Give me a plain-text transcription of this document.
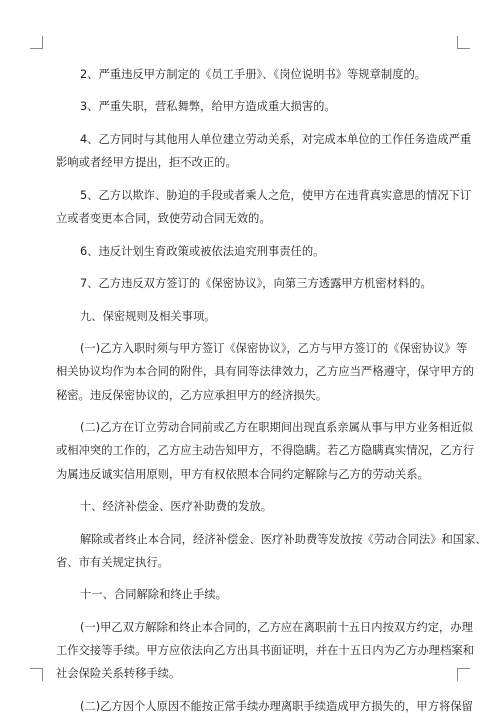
2、严重违反甲方制定的《员工手册》、《岗位说明书》等规章制度的。
3、严重失职，营私舞弊，给甲方造成重大损害的。
4、乙方同时与其他用人单位建立劳动关系，对完成本单位的工作任务造成严重
影响或者经甲方提出，拒不改正的。
5、乙方以欺诈、胁迫的手段或者乘人之危，使甲方在违背真实意思的情况下订
立或者变更本合同，致使劳动合同无效的。
6、违反计划生育政策或被依法追究刑事责任的。
7、乙方违反双方签订的《保密协议》，向第三方透露甲方机密材料的。
九、保密规则及相关事项。
(一)乙方入职时须与甲方签订《保密协议》，乙方与甲方签订的《保密协议》等
相关协议均作为本合同的附件，具有同等法律效力，乙方应当严格遵守，保守甲方的
秘密。违反保密协议的，乙方应承担甲方的经济损失。
(二)乙方在订立劳动合同前或乙方在职期间出现直系亲属从事与甲方业务相近似
或相冲突的工作的，乙方应主动告知甲方，不得隐瞒。若乙方隐瞒真实情况，乙方行
为属违反诚实信用原则，甲方有权依照本合同约定解除与乙方的劳动关系。
十、经济补偿金、医疗补助费的发放。
解除或者终止本合同，经济补偿金、医疗补助费等发放按《劳动合同法》和国家、
省、市有关规定执行。
十一、合同解除和终止手续。
(一)甲乙双方解除和终止本合同的，乙方应在离职前十五日内按双方约定，办理
工作交接等手续。甲方应依法向乙方出具书面证明，并在十五日内为乙方办理档案和
社会保险关系转移手续。
(二)乙方因个人原因不能按正常手续办理离职手续造成甲方损失的，甲方将保留
